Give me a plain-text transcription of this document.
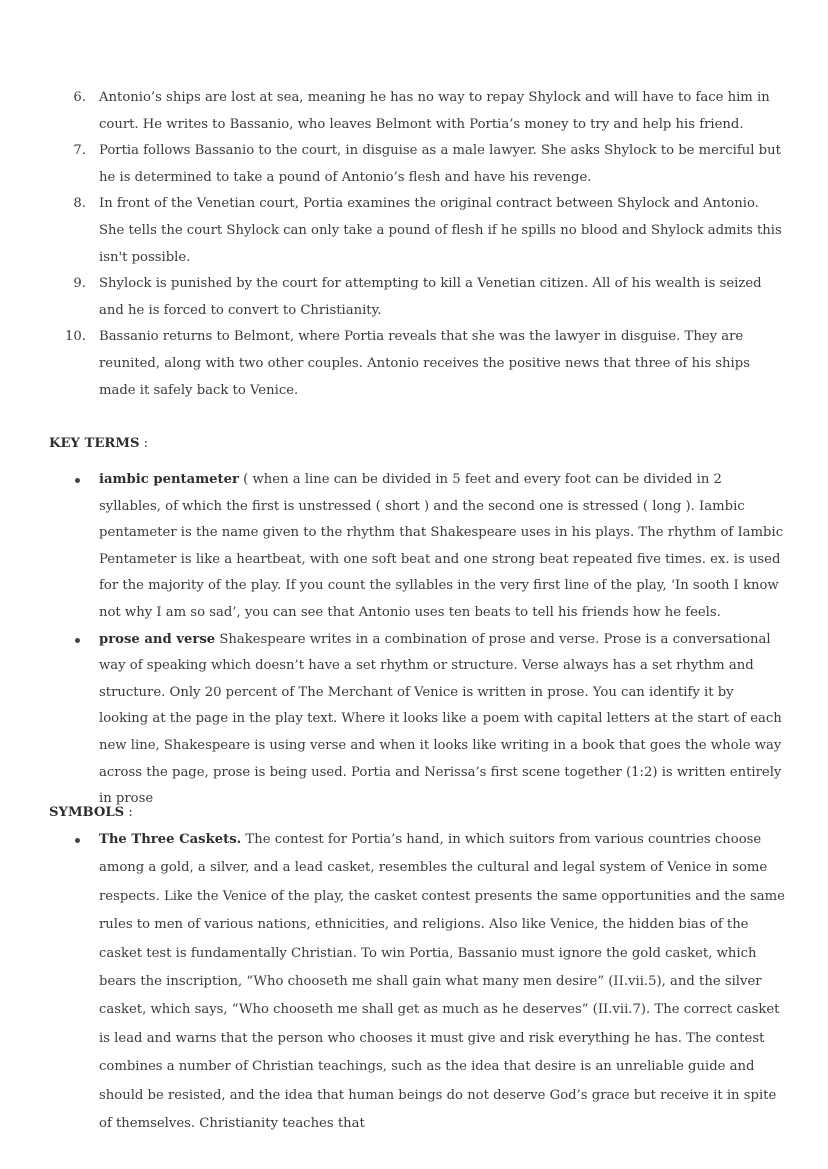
6. Antonio’s ships are lost at sea, meaning he has no way to repay Shylock and will have to face him in court. He writes to Bassanio, who leaves Belmont with Portia’s money to try and help his friend.
7. Portia follows Bassanio to the court, in disguise as a male lawyer. She asks Shylock to be merciful but he is determined to take a pound of Antonio’s flesh and have his revenge.
8. In front of the Venetian court, Portia examines the original contract between Shylock and Antonio. She tells the court Shylock can only take a pound of flesh if he spills no blood and Shylock admits this isn't possible.
9. Shylock is punished by the court for attempting to kill a Venetian citizen. All of his wealth is seized and he is forced to convert to Christianity.
10. Bassanio returns to Belmont, where Portia reveals that she was the lawyer in disguise. They are reunited, along with two other couples. Antonio receives the positive news that three of his ships made it safely back to Venice.
KEY TERMS :
iambic pentameter ( when a line can be divided in 5 feet and every foot can be divided in 2 syllables, of which the first is unstressed ( short ) and the second one is stressed ( long ). Iambic pentameter is the name given to the rhythm that Shakespeare uses in his plays. The rhythm of Iambic Pentameter is like a heartbeat, with one soft beat and one strong beat repeated five times. ex. is used for the majority of the play. If you count the syllables in the very first line of the play, ‘In sooth I know not why I am so sad’, you can see that Antonio uses ten beats to tell his friends how he feels.
prose and verse Shakespeare writes in a combination of prose and verse. Prose is a conversational way of speaking which doesn’t have a set rhythm or structure. Verse always has a set rhythm and structure. Only 20 percent of The Merchant of Venice is written in prose. You can identify it by looking at the page in the play text. Where it looks like a poem with capital letters at the start of each new line, Shakespeare is using verse and when it looks like writing in a book that goes the whole way across the page, prose is being used. Portia and Nerissa’s first scene together (1:2) is written entirely in prose
SYMBOLS :
The Three Caskets. The contest for Portia’s hand, in which suitors from various countries choose among a gold, a silver, and a lead casket, resembles the cultural and legal system of Venice in some respects. Like the Venice of the play, the casket contest presents the same opportunities and the same rules to men of various nations, ethnicities, and religions. Also like Venice, the hidden bias of the casket test is fundamentally Christian. To win Portia, Bassanio must ignore the gold casket, which bears the inscription, “Who chooseth me shall gain what many men desire” (II.vii.5), and the silver casket, which says, “Who chooseth me shall get as much as he deserves” (II.vii.7). The correct casket is lead and warns that the person who chooses it must give and risk everything he has. The contest combines a number of Christian teachings, such as the idea that desire is an unreliable guide and should be resisted, and the idea that human beings do not deserve God’s grace but receive it in spite of themselves. Christianity teaches that
